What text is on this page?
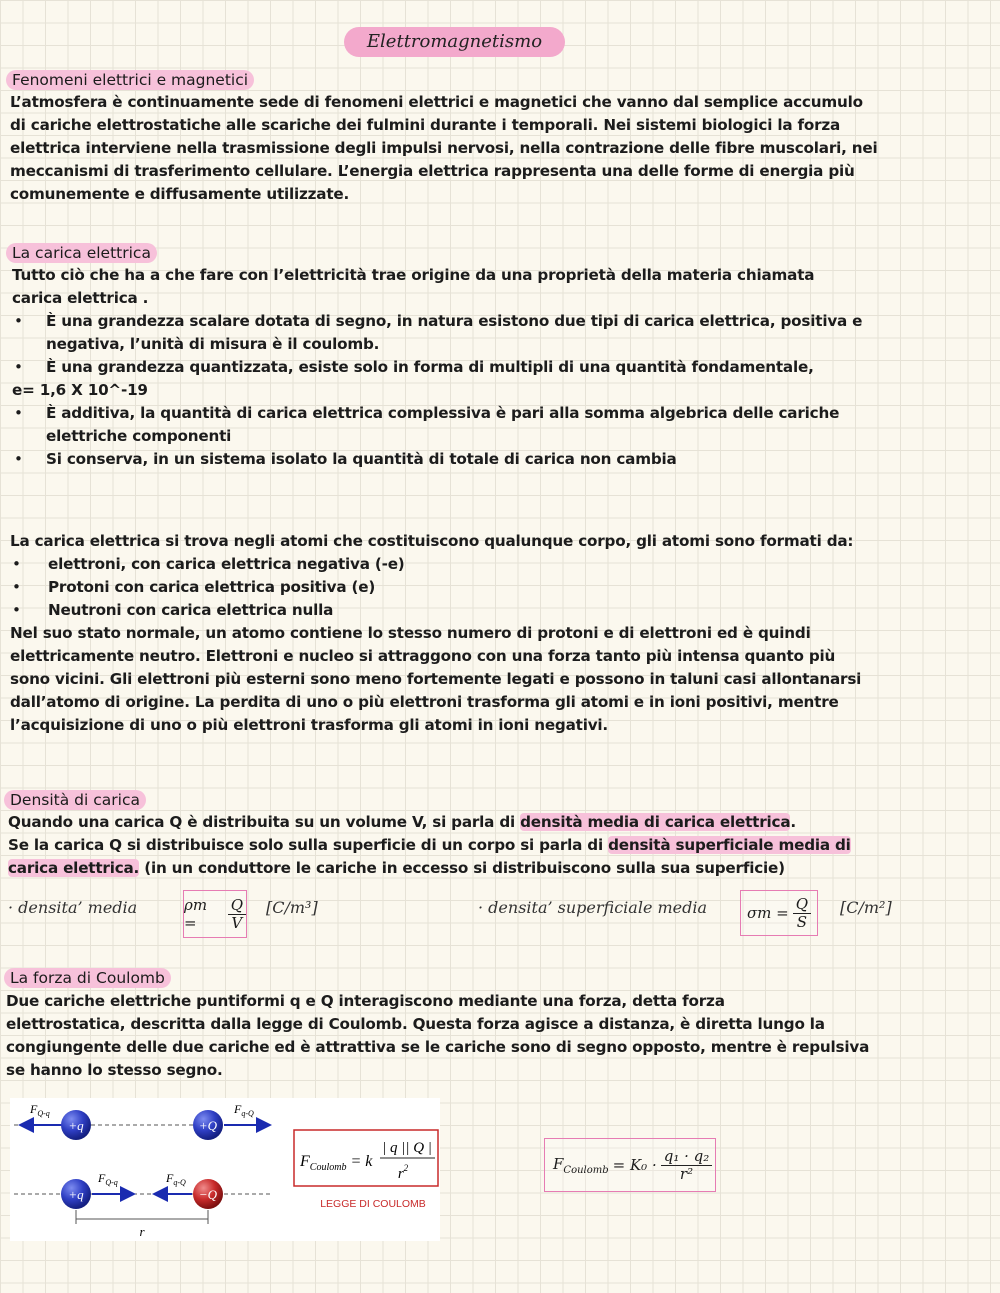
Elettromagnetismo
Fenomeni elettrici e magnetici

L’atmosfera è continuamente sede di fenomeni elettrici e magnetici che vanno dal semplice accumulo

di cariche elettrostatiche alle scariche dei fulmini durante i temporali. Nei sistemi biologici la forza

elettrica interviene nella trasmissione degli impulsi nervosi, nella contrazione delle fibre muscolari, nei

meccanismi di trasferimento cellulare. L’energia elettrica rappresenta una delle forme di energia più

comunemente e diffusamente utilizzate.

La carica elettrica

Tutto ciò che ha a che fare con l’elettricità trae origine da una proprietà della materia chiamata

carica elettrica .

• È una grandezza scalare dotata di segno, in natura esistono due tipi di carica elettrica, positiva e

negativa, l’unità di misura è il coulomb.

• È una grandezza quantizzata, esiste solo in forma di multipli di una quantità fondamentale,

e= 1,6 X 10^-19

• È additiva, la quantità di carica elettrica complessiva è pari alla somma algebrica delle cariche

elettriche componenti

• Si conserva, in un sistema isolato la quantità di totale di carica non cambia

La carica elettrica si trova negli atomi che costituiscono qualunque corpo, gli atomi sono formati da:

• elettroni, con carica elettrica negativa (-e)
• Protoni con carica elettrica positiva (e)
• Neutroni con carica elettrica nulla

Nel suo stato normale, un atomo contiene lo stesso numero di protoni e di elettroni ed è quindi

elettricamente neutro. Elettroni e nucleo si attraggono con una forza tanto più intensa quanto più

sono vicini. Gli elettroni più esterni sono meno fortemente legati e possono in taluni casi allontanarsi

dall’atomo di origine. La perdita di uno o più elettroni trasforma gli atomi e in ioni positivi, mentre

l’acquisizione di uno o più elettroni trasforma gli atomi in ioni negativi.

Densità di carica

Quando una carica Q è distribuita su un volume V, si parla di densità media di carica elettrica.

Se la carica Q si distribuisce solo sulla superficie di un corpo si parla di densità superficiale media di

carica elettrica. (in un conduttore le cariche in eccesso si distribuiscono sulla sua superficie)

· densita’ media	ρm =	$\frac{Q}{V} [C/m^3]$	· densita’ superficiale media	$\sigma m = \frac{Q}{S} [C/m^2]$
La forza di Coulomb

Due cariche elettriche puntiformi q e Q interagiscono mediante una forza, detta forza

elettrostatica, descritta dalla legge di Coulomb. Questa forza agisce a distanza, è diretta lungo la

congiungente delle due cariche ed è attrattiva se le cariche sono di segno opposto, mentre è repulsiva

se hanno lo stesso segno.

+q	+Q
$F_{Q-q}$	$F_{q-Q}$
+q	−Q
$F_{Q-q}$	$F_{q-Q}$
r
$F_{Coulomb} = k$
| q || Q |
$r^2$
LEGGE DI COULOMB
$F_{Coulomb} = K_0 \cdot \frac{\text{q₁ · q₂}}{\text{r²}}$
